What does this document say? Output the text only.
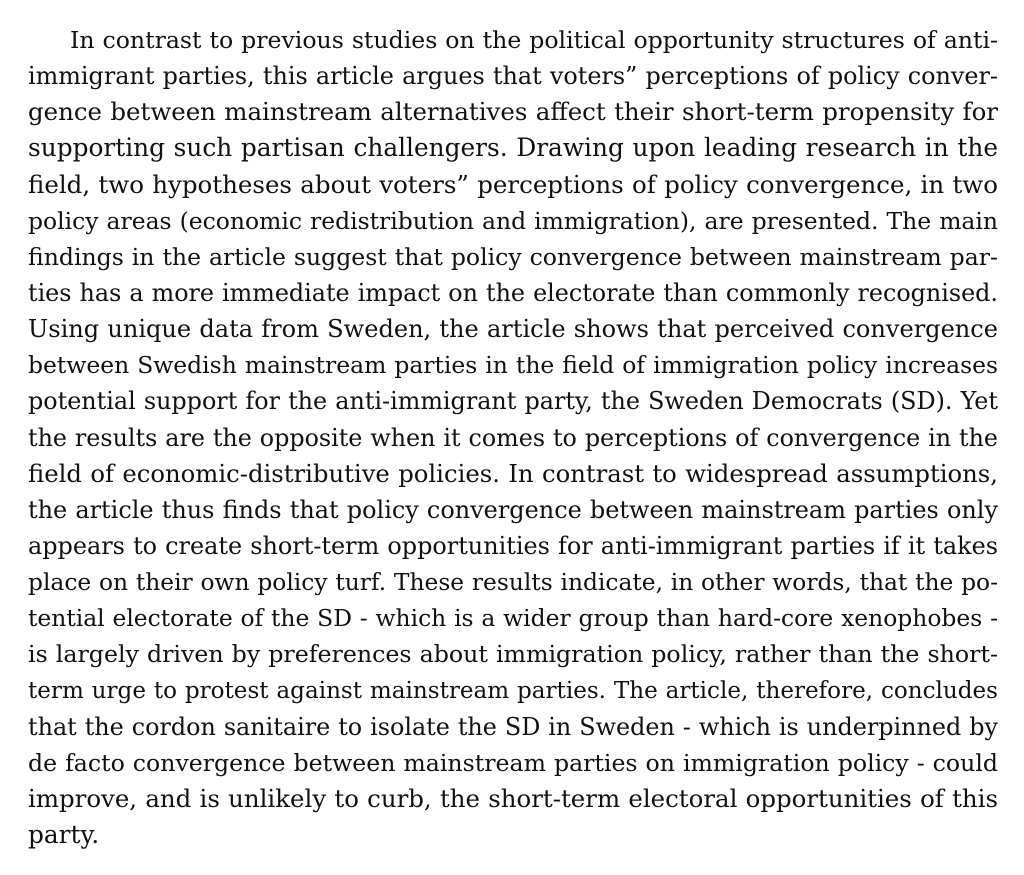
In contrast to previous studies on the political opportunity structures of anti-
immigrant parties, this article argues that voters” perceptions of policy conver-
gence between mainstream alternatives affect their short-term propensity for
supporting such partisan challengers. Drawing upon leading research in the
field, two hypotheses about voters” perceptions of policy convergence, in two
policy areas (economic redistribution and immigration), are presented. The main
findings in the article suggest that policy convergence between mainstream par-
ties has a more immediate impact on the electorate than commonly recognised.
Using unique data from Sweden, the article shows that perceived convergence
between Swedish mainstream parties in the field of immigration policy increases
potential support for the anti-immigrant party, the Sweden Democrats (SD). Yet
the results are the opposite when it comes to perceptions of convergence in the
field of economic-distributive policies. In contrast to widespread assumptions,
the article thus finds that policy convergence between mainstream parties only
appears to create short-term opportunities for anti-immigrant parties if it takes
place on their own policy turf. These results indicate, in other words, that the po-
tential electorate of the SD - which is a wider group than hard-core xenophobes -
is largely driven by preferences about immigration policy, rather than the short-
term urge to protest against mainstream parties. The article, therefore, concludes
that the cordon sanitaire to isolate the SD in Sweden - which is underpinned by
de facto convergence between mainstream parties on immigration policy - could
improve, and is unlikely to curb, the short-term electoral opportunities of this
party.
